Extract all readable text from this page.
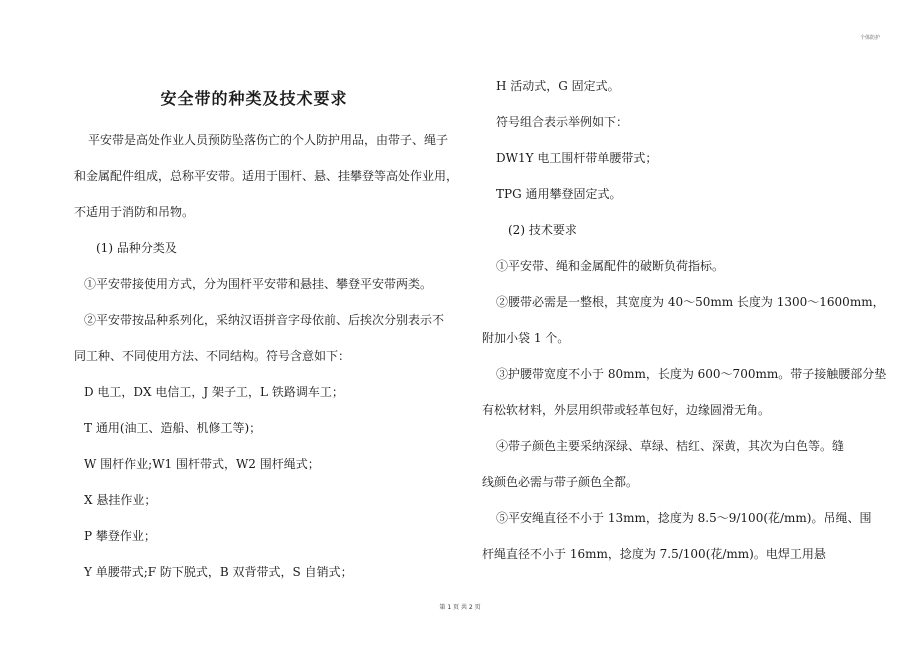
个体防护
安全带的种类及技术要求
平安带是高处作业人员预防坠落伤亡的个人防护用品，由带子、绳子
和金属配件组成，总称平安带。适用于围杆、悬、挂攀登等高处作业用，
不适用于消防和吊物。
(1) 品种分类及
①平安带接使用方式，分为围杆平安带和悬挂、攀登平安带两类。
②平安带按品种系列化，采纳汉语拼音字母依前、后挨次分别表示不
同工种、不同使用方法、不同结构。符号含意如下：
D 电工，DX 电信工，J 架子工，L 铁路调车工；
T 通用(油工、造船、机修工等)；
W 围杆作业;W1 围杆带式，W2 围杆绳式；
X 悬挂作业；
P 攀登作业；
Y 单腰带式;F 防下脱式，B 双背带式，S 自销式；
H 活动式，G 固定式。
符号组合表示举例如下：
DW1Y 电工围杆带单腰带式；
TPG 通用攀登固定式。
(2) 技术要求
①平安带、绳和金属配件的破断负荷指标。
②腰带必需是一整根，其宽度为 40～50mm 长度为 1300～1600mm，
附加小袋 1 个。
③护腰带宽度不小于 80mm，长度为 600～700mm。带子接触腰部分垫
有松软材料，外层用织带或轻革包好，边缘圆滑无角。
④带子颜色主要采纳深绿、草绿、桔红、深黄，其次为白色等。缝
线颜色必需与带子颜色全都。
⑤平安绳直径不小于 13mm，捻度为 8.5～9/100(花/mm)。吊绳、围
杆绳直径不小于 16mm，捻度为 7.5/100(花/mm)。电焊工用悬
第 1 页 共 2 页
